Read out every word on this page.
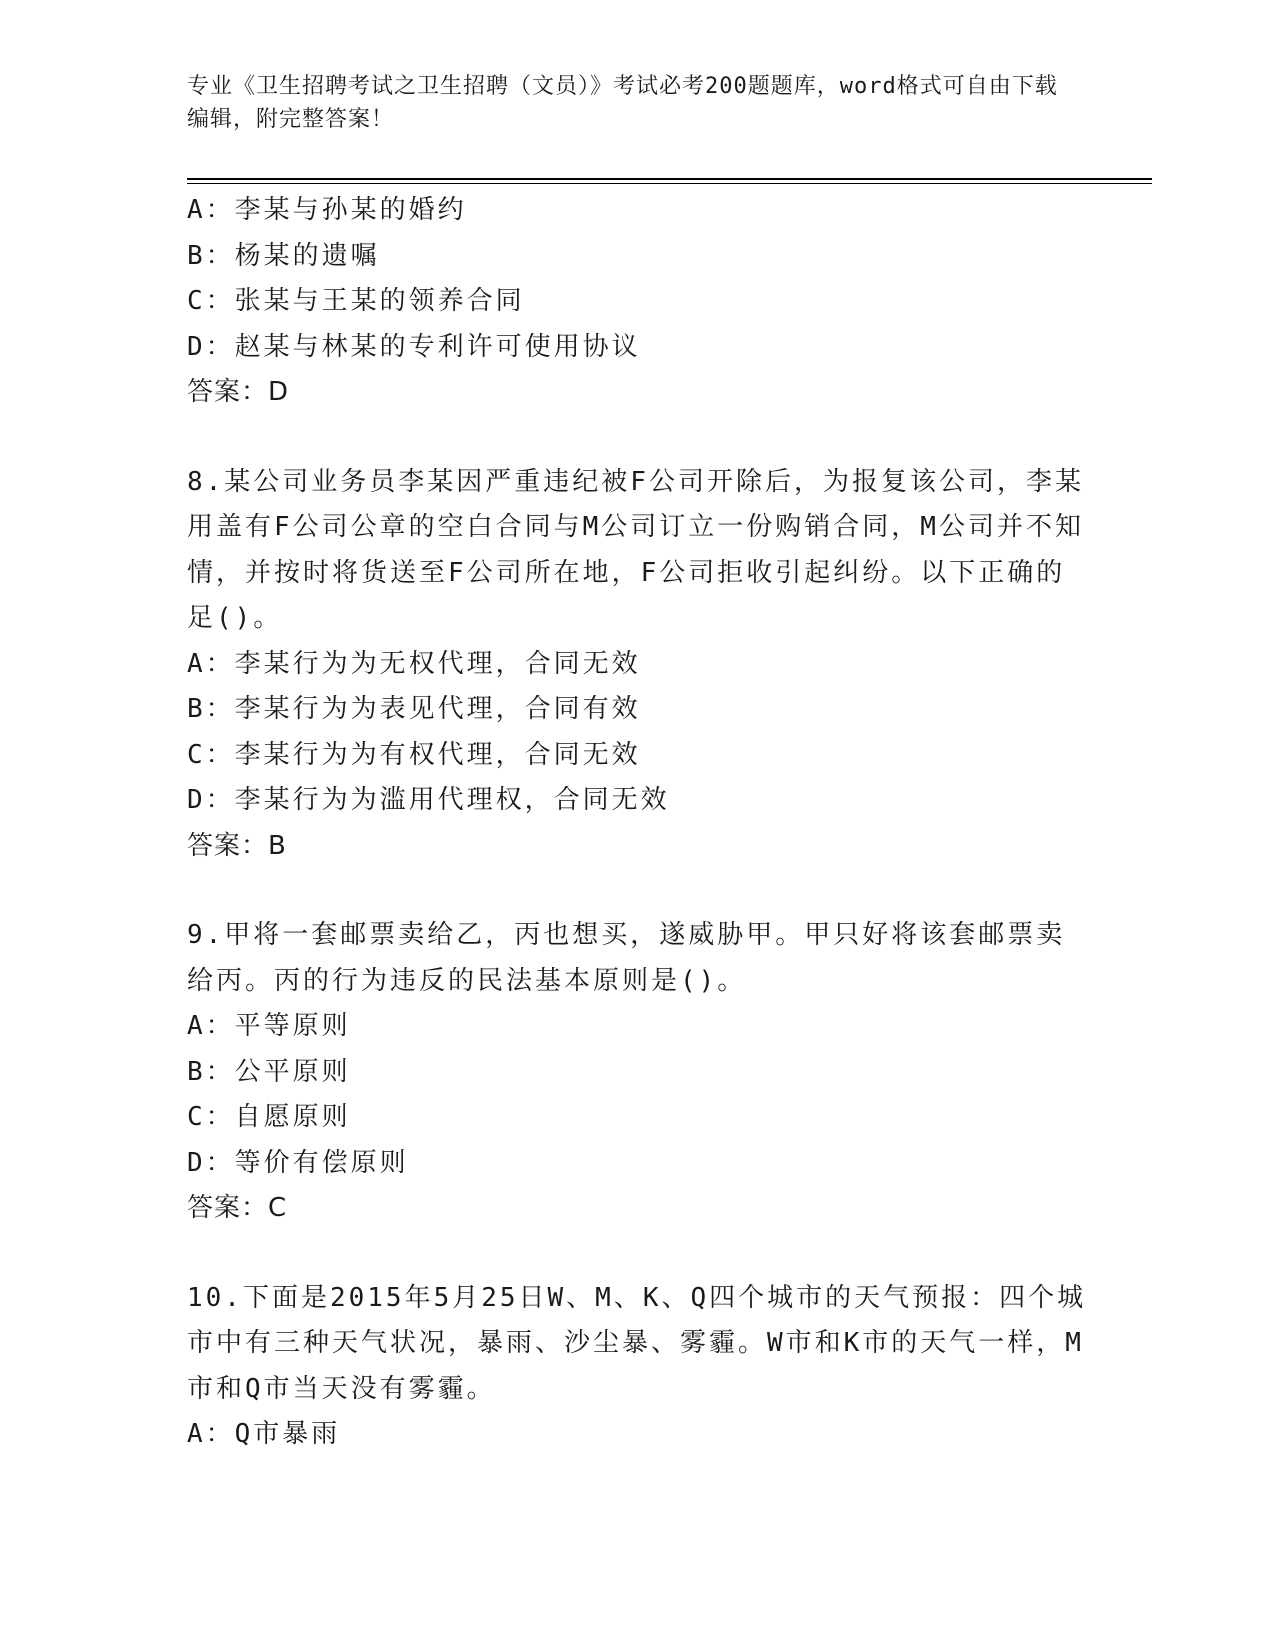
专业《卫生招聘考试之卫生招聘（文员）》考试必考200题题库，word格式可自由下载编辑，附完整答案！
A：李某与孙某的婚约
B：杨某的遗嘱
C：张某与王某的领养合同
D：赵某与林某的专利许可使用协议
答案：D
8.某公司业务员李某因严重违纪被F公司开除后，为报复该公司，李某用盖有F公司公章的空白合同与M公司订立一份购销合同，M公司并不知情，并按时将货送至F公司所在地，F公司拒收引起纠纷。以下正确的足()。
A：李某行为为无权代理，合同无效
B：李某行为为表见代理，合同有效
C：李某行为为有权代理，合同无效
D：李某行为为滥用代理权，合同无效
答案：B
9.甲将一套邮票卖给乙，丙也想买，遂威胁甲。甲只好将该套邮票卖给丙。丙的行为违反的民法基本原则是()。
A：平等原则
B：公平原则
C：自愿原则
D：等价有偿原则
答案：C
10.下面是2015年5月25日W、M、K、Q四个城市的天气预报：四个城市中有三种天气状况，暴雨、沙尘暴、雾霾。W市和K市的天气一样，M市和Q市当天没有雾霾。
A：Q市暴雨
